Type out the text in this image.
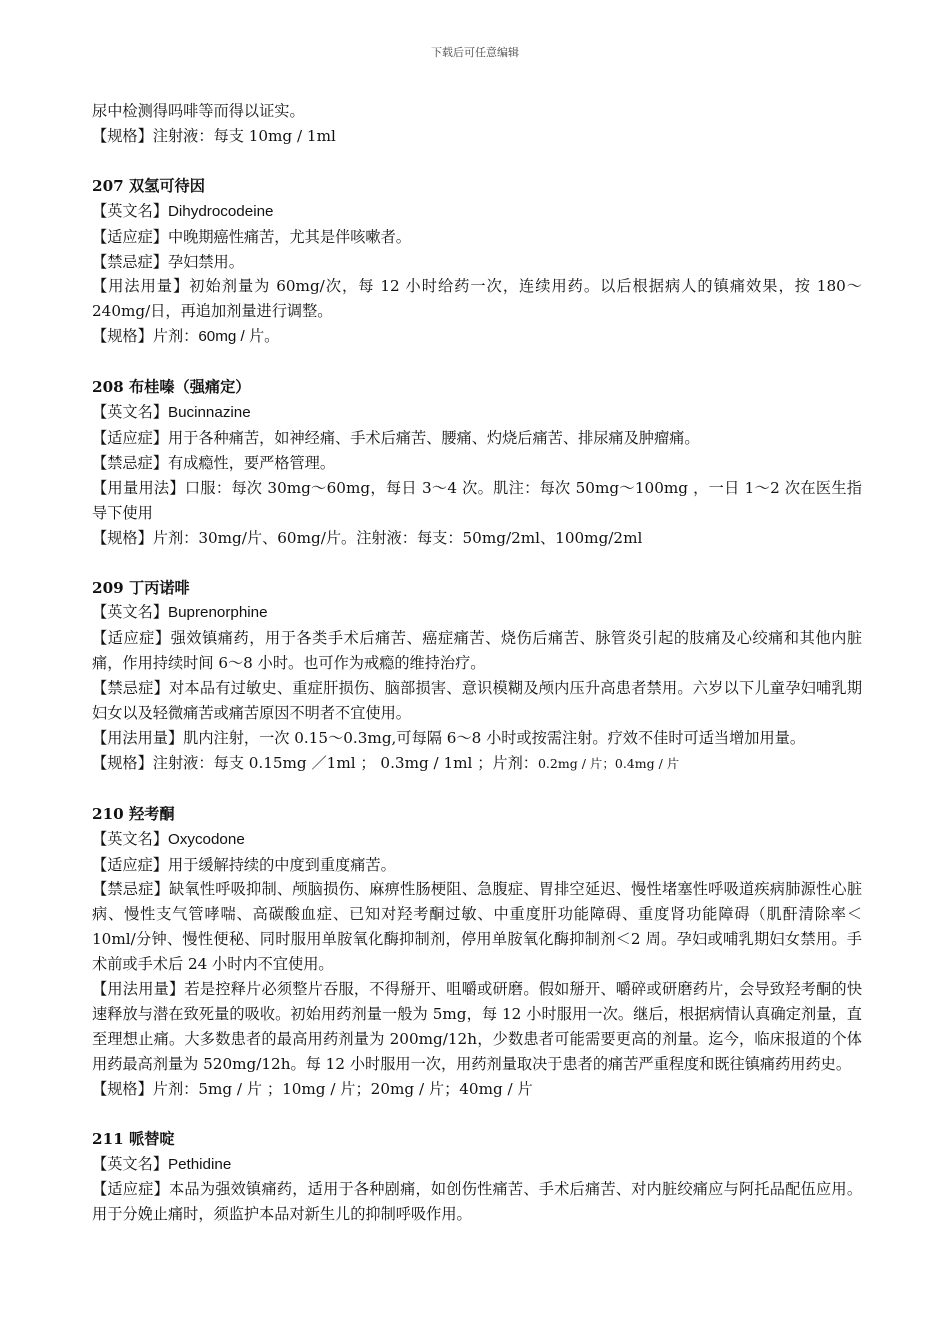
下载后可任意编辑

尿中检测得吗啡等而得以证实。

【规格】注射液：每支 10mg / 1ml

207 双氢可待因

【英文名】Dihydrocodeine

【适应症】中晚期癌性痛苦，尤其是伴咳嗽者。

【禁忌症】孕妇禁用。

【用法用量】初始剂量为 60mg/次，每 12 小时给药一次，连续用药。以后根据病人的镇痛效果，按 180～240mg/日，再追加剂量进行调整。

【规格】片剂：60mg / 片。

208 布桂嗪（强痛定）

【英文名】Bucinnazine

【适应症】用于各种痛苦，如神经痛、手术后痛苦、腰痛、灼烧后痛苦、排尿痛及肿瘤痛。

【禁忌症】有成瘾性，要严格管理。

【用量用法】口服：每次 30mg～60mg，每日 3～4 次。肌注：每次 50mg～100mg ，一日 1～2 次在医生指导下使用

【规格】片剂：30mg/片、60mg/片。注射液：每支：50mg/2ml、100mg/2ml

209 丁丙诺啡

【英文名】Buprenorphine

【适应症】强效镇痛药，用于各类手术后痛苦、癌症痛苦、烧伤后痛苦、脉管炎引起的肢痛及心绞痛和其他内脏痛，作用持续时间 6～8 小时。也可作为戒瘾的维持治疗。

【禁忌症】对本品有过敏史、重症肝损伤、脑部损害、意识模糊及颅内压升高患者禁用。六岁以下儿童孕妇哺乳期妇女以及轻微痛苦或痛苦原因不明者不宜使用。

【用法用量】肌内注射，一次 0.15～0.3mg,可每隔 6～8 小时或按需注射。疗效不佳时可适当增加用量。

【规格】注射液：每支 0.15mg ／1ml ； 0.3mg / 1ml ；片剂：0.2mg / 片；0.4mg / 片

210 羟考酮

【英文名】Oxycodone

【适应症】用于缓解持续的中度到重度痛苦。

【禁忌症】缺氧性呼吸抑制、颅脑损伤、麻痹性肠梗阻、急腹症、胃排空延迟、慢性堵塞性呼吸道疾病肺源性心脏病、慢性支气管哮喘、高碳酸血症、已知对羟考酮过敏、中重度肝功能障碍、重度肾功能障碍（肌酐清除率＜10ml/分钟、慢性便秘、同时服用单胺氧化酶抑制剂，停用单胺氧化酶抑制剂＜2 周。孕妇或哺乳期妇女禁用。手术前或手术后 24 小时内不宜使用。

【用法用量】若是控释片必须整片吞服，不得掰开、咀嚼或研磨。假如掰开、嚼碎或研磨药片，会导致羟考酮的快速释放与潜在致死量的吸收。初始用药剂量一般为 5mg，每 12 小时服用一次。继后，根据病情认真确定剂量，直至理想止痛。大多数患者的最高用药剂量为 200mg/12h，少数患者可能需要更高的剂量。迄今，临床报道的个体用药最高剂量为 520mg/12h。每 12 小时服用一次，用药剂量取决于患者的痛苦严重程度和既往镇痛药用药史。

【规格】片剂：5mg / 片 ；10mg / 片；20mg / 片；40mg / 片

211 哌替啶

【英文名】Pethidine

【适应症】本品为强效镇痛药，适用于各种剧痛，如创伤性痛苦、手术后痛苦、对内脏绞痛应与阿托品配伍应用。用于分娩止痛时，须监护本品对新生儿的抑制呼吸作用。
